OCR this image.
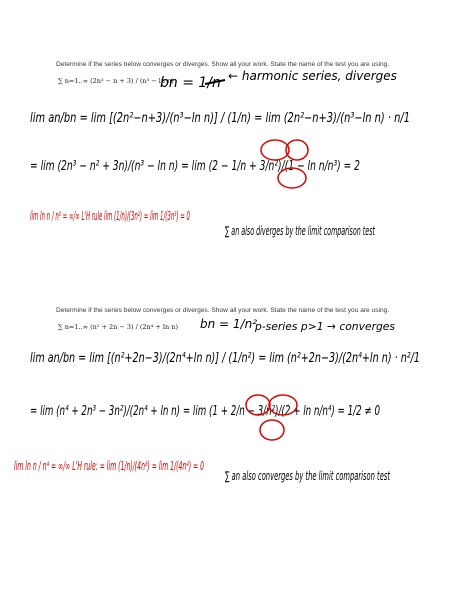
Determine if the series below converges or diverges. Show all your work. State the name of the test you are using.
∑ n=1..∞ (2n³ − n + 3) / (n³ − ln n)
Determine if the series below converges or diverges. Show all your work. State the name of the test you are using.
∑ n=1..∞ (n² + 2n − 3) / (2n⁴ + ln n)
bn = 1/n ← harmonic series, diverges
lim an/bn = lim [(2n²−n+3)/(n³−ln n)] / (1/n) = lim (2n²−n+3)/(n³−ln n) · n/1
= lim (2n³ − n² + 3n)/(n³ − ln n) = lim (2 − 1/n + 3/n²)/(1 − ln n/n³) = 2
∑ an also diverges by the limit comparison test
lim ln n / n³ = ∞/∞ L'H rule lim (1/n)/(3n²) = lim 1/(3n³) = 0
bn = 1/n²
p-series p>1 → converges
lim an/bn = lim [(n²+2n−3)/(2n⁴+ln n)] / (1/n²) = lim (n²+2n−3)/(2n⁴+ln n) · n²/1
= lim (n⁴ + 2n³ − 3n²)/(2n⁴ + ln n) = lim (1 + 2/n − 3/n²)/(2 + ln n/n⁴) = 1/2 ≠ 0
∑ an also converges by the limit comparison test
lim ln n / n⁴ = ∞/∞ L'H rule: = lim (1/n)/(4n³) = lim 1/(4n⁴) = 0
